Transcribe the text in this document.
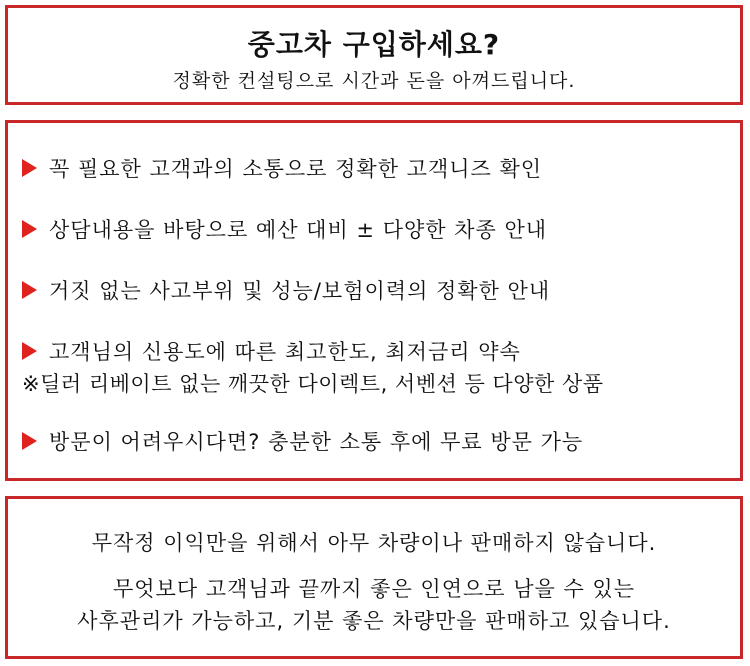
중고차 구입하세요?
정확한 컨설팅으로 시간과 돈을 아껴드립니다.
꼭 필요한 고객과의 소통으로 정확한 고객니즈 확인
상담내용을 바탕으로 예산 대비 ± 다양한 차종 안내
거짓 없는 사고부위 및 성능/보험이력의 정확한 안내
고객님의 신용도에 따른 최고한도, 최저금리 약속
※딜러 리베이트 없는 깨끗한 다이렉트, 서벤션 등 다양한 상품
방문이 어려우시다면? 충분한 소통 후에 무료 방문 가능
무작정 이익만을 위해서 아무 차량이나 판매하지 않습니다.
무엇보다 고객님과 끝까지 좋은 인연으로 남을 수 있는
사후관리가 가능하고, 기분 좋은 차량만을 판매하고 있습니다.
